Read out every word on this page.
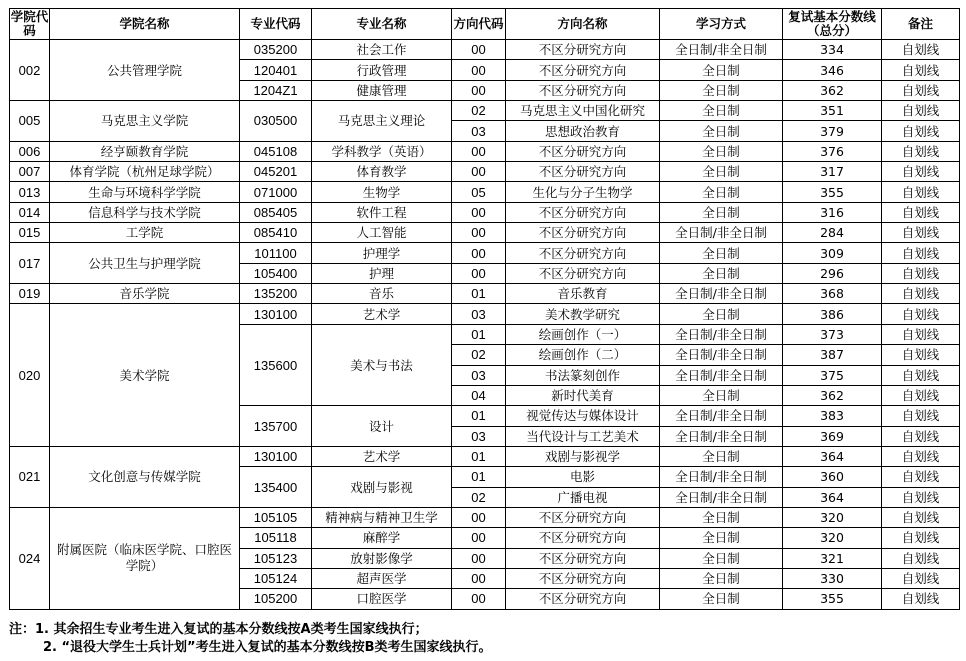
学院代码	学院名称	专业代码	专业名称	方向代码	方向名称	学习方式	复试基本分数线（总分）	备注
002	公共管理学院	035200	社会工作	00	不区分研究方向	全日制/非全日制	334	自划线
		120401	行政管理	00	不区分研究方向	全日制	346	自划线
		1204Z1	健康管理	00	不区分研究方向	全日制	362	自划线
005	马克思主义学院	030500	马克思主义理论	02	马克思主义中国化研究	全日制	351	自划线
				03	思想政治教育	全日制	379	自划线
006	经亨颐教育学院	045108	学科教学（英语）	00	不区分研究方向	全日制	376	自划线
007	体育学院（杭州足球学院）	045201	体育教学	00	不区分研究方向	全日制	317	自划线
013	生命与环境科学学院	071000	生物学	05	生化与分子生物学	全日制	355	自划线
014	信息科学与技术学院	085405	软件工程	00	不区分研究方向	全日制	316	自划线
015	工学院	085410	人工智能	00	不区分研究方向	全日制/非全日制	284	自划线
017	公共卫生与护理学院	101100	护理学	00	不区分研究方向	全日制	309	自划线
		105400	护理	00	不区分研究方向	全日制	296	自划线
019	音乐学院	135200	音乐	01	音乐教育	全日制/非全日制	368	自划线
020	美术学院	130100	艺术学	03	美术教学研究	全日制	386	自划线
		135600	美术与书法	01	绘画创作（一）	全日制/非全日制	373	自划线
				02	绘画创作（二）	全日制/非全日制	387	自划线
				03	书法篆刻创作	全日制/非全日制	375	自划线
				04	新时代美育	全日制	362	自划线
		135700	设计	01	视觉传达与媒体设计	全日制/非全日制	383	自划线
				03	当代设计与工艺美术	全日制/非全日制	369	自划线
021	文化创意与传媒学院	130100	艺术学	01	戏剧与影视学	全日制	364	自划线
		135400	戏剧与影视	01	电影	全日制/非全日制	360	自划线
				02	广播电视	全日制/非全日制	364	自划线
024	附属医院（临床医学院、口腔医学院）	105105	精神病与精神卫生学	00	不区分研究方向	全日制	320	自划线
		105118	麻醉学	00	不区分研究方向	全日制	320	自划线
		105123	放射影像学	00	不区分研究方向	全日制	321	自划线
		105124	超声医学	00	不区分研究方向	全日制	330	自划线
		105200	口腔医学	00	不区分研究方向	全日制	355	自划线
注：1. 其余招生专业考生进入复试的基本分数线按A类考生国家线执行；
2. “退役大学生士兵计划”考生进入复试的基本分数线按B类考生国家线执行。
